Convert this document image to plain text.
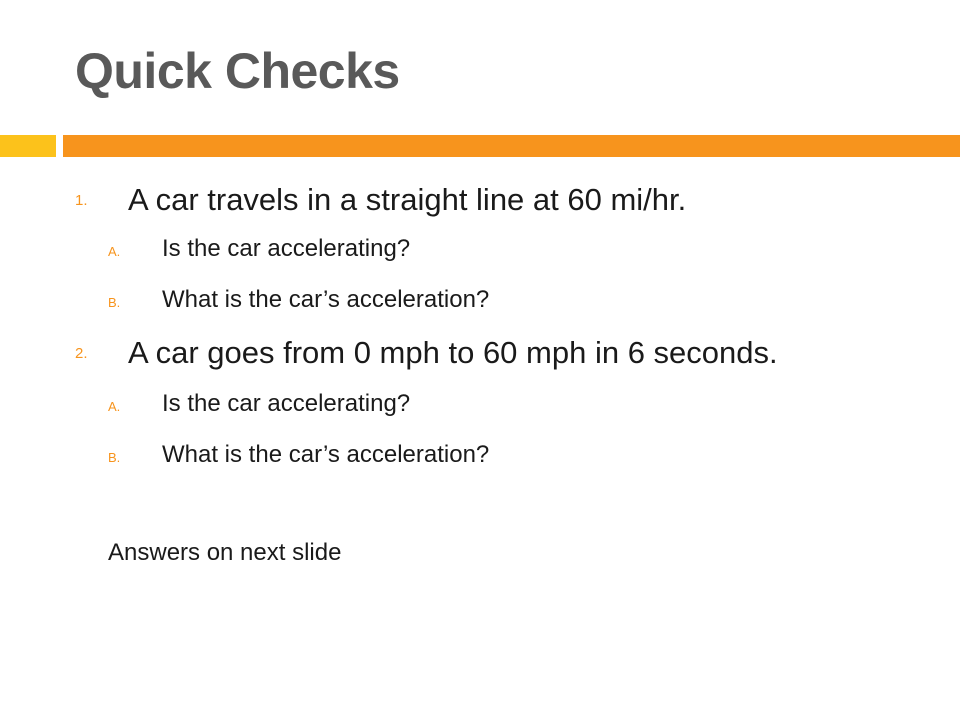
Quick Checks
1. A car travels in a straight line at 60 mi/hr.
A. Is the car accelerating?
B. What is the car’s acceleration?
2. A car goes from 0 mph to 60 mph in 6 seconds.
A. Is the car accelerating?
B. What is the car’s acceleration?
Answers on next slide
